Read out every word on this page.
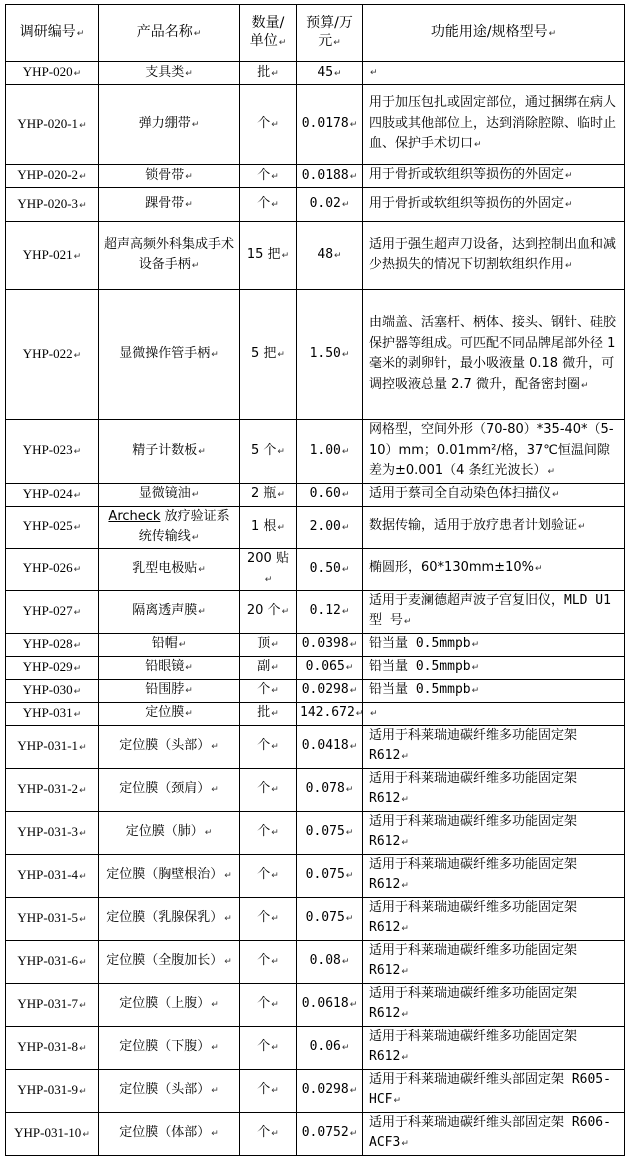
调研编号↵	产品名称↵	数量/
单位↵	预算/万
元↵	功能用途/规格型号↵
YHP-020↵	支具类↵	批↵	45↵	↵
YHP-020-1↵	弹力绷带↵	个↵	0.0178↵	用于加压包扎或固定部位，通过捆绑在病人四肢或其他部位上，达到消除腔隙、临时止血、保护手术切口↵
YHP-020-2↵	锁骨带↵	个↵	0.0188↵	用于骨折或软组织等损伤的外固定↵
YHP-020-3↵	踝骨带↵	个↵	0.02↵	用于骨折或软组织等损伤的外固定↵
YHP-021↵	超声高频外科集成手术设备手柄↵	15 把↵	48↵	适用于强生超声刀设备，达到控制出血和减少热损失的情况下切割软组织作用↵
YHP-022↵	显微操作管手柄↵	5 把↵	1.50↵	由端盖、活塞杆、柄体、接头、钢针、硅胶保护器等组成。可匹配不同品牌尾部外径 1 毫米的剥卵针，最小吸液量 0.18 微升，可调控吸液总量 2.7 微升，配备密封圈↵
YHP-023↵	精子计数板↵	5 个↵	1.00↵	网格型，空间外形（70-80）*35-40*（5-10）mm；0.01mm²/格，37℃恒温间隙差为±0.001（4 条红光波长）↵
YHP-024↵	显微镜油↵	2 瓶↵	0.60↵	适用于蔡司全自动染色体扫描仪↵
YHP-025↵	Archeck 放疗验证系统传输线↵	1 根↵	2.00↵	数据传输，适用于放疗患者计划验证↵
YHP-026↵	乳型电极贴↵	200 贴↵	0.50↵	椭圆形，60*130mm±10%↵
YHP-027↵	隔离透声膜↵	20 个↵	0.12↵	适用于麦澜德超声波子宫复旧仪，MLD U1 型 号↵
YHP-028↵	铅帽↵	顶↵	0.0398↵	铅当量 0.5mmpb↵
YHP-029↵	铅眼镜↵	副↵	0.065↵	铅当量 0.5mmpb↵
YHP-030↵	铅围脖↵	个↵	0.0298↵	铅当量 0.5mmpb↵
YHP-031↵	定位膜↵	批↵	142.672↵	↵
YHP-031-1↵	定位膜（头部）↵	个↵	0.0418↵	适用于科莱瑞迪碳纤维多功能固定架 R612↵
YHP-031-2↵	定位膜（颈肩）↵	个↵	0.078↵	适用于科莱瑞迪碳纤维多功能固定架 R612↵
YHP-031-3↵	定位膜（肺）↵	个↵	0.075↵	适用于科莱瑞迪碳纤维多功能固定架 R612↵
YHP-031-4↵	定位膜（胸壁根治）↵	个↵	0.075↵	适用于科莱瑞迪碳纤维多功能固定架 R612↵
YHP-031-5↵	定位膜（乳腺保乳）↵	个↵	0.075↵	适用于科莱瑞迪碳纤维多功能固定架 R612↵
YHP-031-6↵	定位膜（全腹加长）↵	个↵	0.08↵	适用于科莱瑞迪碳纤维多功能固定架 R612↵
YHP-031-7↵	定位膜（上腹）↵	个↵	0.0618↵	适用于科莱瑞迪碳纤维多功能固定架 R612↵
YHP-031-8↵	定位膜（下腹）↵	个↵	0.06↵	适用于科莱瑞迪碳纤维多功能固定架 R612↵
YHP-031-9↵	定位膜（头部）↵	个↵	0.0298↵	适用于科莱瑞迪碳纤维头部固定架 R605-HCF↵
YHP-031-10↵	定位膜（体部）↵	个↵	0.0752↵	适用于科莱瑞迪碳纤维头部固定架 R606-ACF3↵
